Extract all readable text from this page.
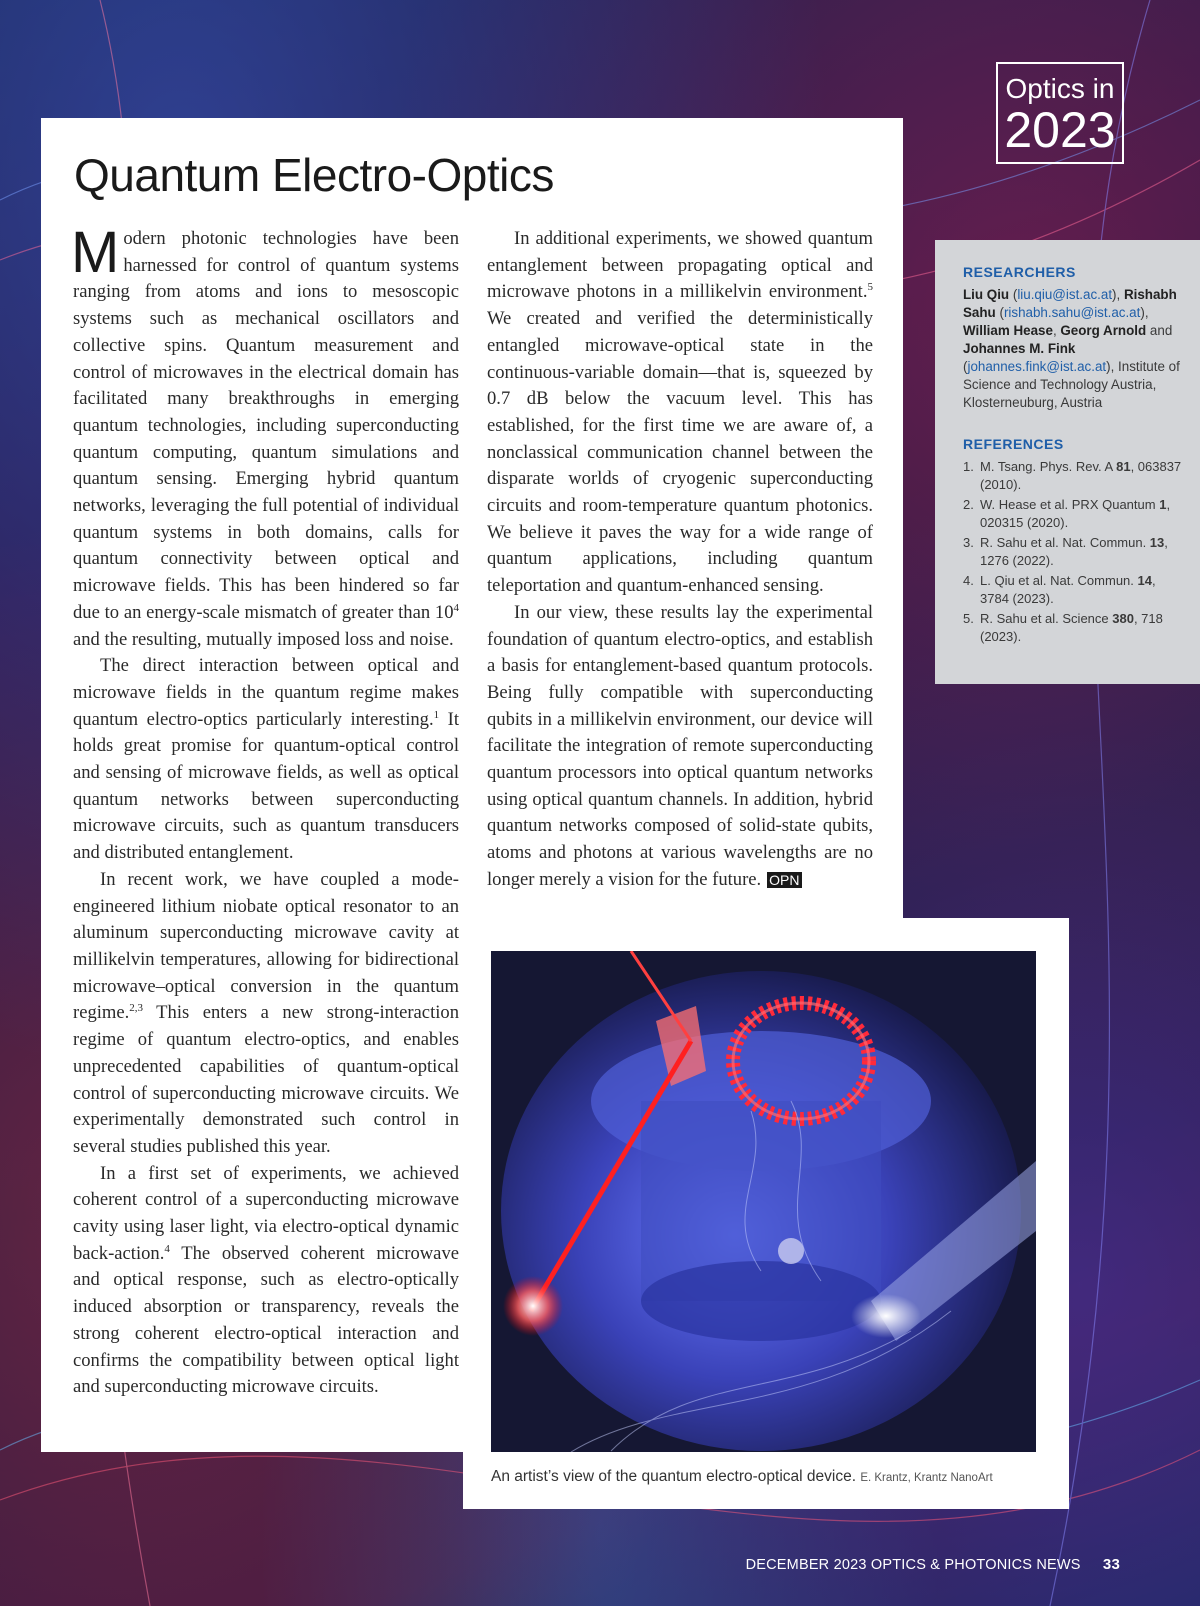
Optics in
2023
Quantum Electro-Optics

Modern photonic technologies have been harnessed for control of quantum systems ranging from atoms and ions to mesoscopic systems such as mechanical oscillators and collective spins. Quantum measurement and control of microwaves in the electrical domain has facilitated many breakthroughs in emerging quantum technologies, including superconducting quantum computing, quantum simulations and quantum sensing. Emerging hybrid quantum networks, leveraging the full potential of individual quantum systems in both domains, calls for quantum connectivity between optical and microwave fields. This has been hindered so far due to an energy-scale mismatch of greater than $10^4$ and the resulting, mutually imposed loss and noise.

The direct interaction between optical and microwave fields in the quantum regime makes quantum electro-optics particularly interesting.$^1$ It holds great promise for quantum-optical control and sensing of microwave fields, as well as optical quantum networks between superconducting microwave circuits, such as quantum transducers and distributed entanglement.

In recent work, we have coupled a mode-engineered lithium niobate optical resonator to an aluminum superconducting microwave cavity at millikelvin temperatures, allowing for bidirectional microwave–optical conversion in the quantum regime.$^{2,3}$ This enters a new strong-interaction regime of quantum electro-optics, and enables unprecedented capabilities of quantum-optical control of superconducting microwave circuits. We experimentally demonstrated such control in several studies published this year.

In a first set of experiments, we achieved coherent control of a superconducting microwave cavity using laser light, via electro-optical dynamic back-action.$^4$ The observed coherent microwave and optical response, such as electro-optically induced absorption or transparency, reveals the strong coherent electro-optical interaction and confirms the compatibility between optical light and superconducting microwave circuits.

In additional experiments, we showed quantum entanglement between propagating optical and microwave photons in a millikelvin environment.$^5$ We created and verified the deterministically entangled microwave-optical state in the continuous-variable domain—that is, squeezed by 0.7 dB below the vacuum level. This has established, for the first time we are aware of, a nonclassical communication channel between the disparate worlds of cryogenic superconducting circuits and room-temperature quantum photonics. We believe it paves the way for a wide range of quantum applications, including quantum teleportation and quantum-enhanced sensing.

In our view, these results lay the experimental foundation of quantum electro-optics, and establish a basis for entanglement-based quantum protocols. Being fully compatible with superconducting qubits in a millikelvin environment, our device will facilitate the integration of remote superconducting quantum processors into optical quantum networks using optical quantum channels. In addition, hybrid quantum networks composed of solid-state qubits, atoms and photons at various wavelengths are no longer merely a vision for the future. OPN

RESEARCHERS
Liu Qiu (liu.qiu@ist.ac.at), Rishabh Sahu (rishabh.sahu@ist.ac.at), William Hease, Georg Arnold and Johannes M. Fink (johannes.fink@ist.ac.at), Institute of Science and Technology Austria, Klosterneuburg, Austria
REFERENCES
1. M. Tsang. Phys. Rev. A 81, 063837 (2010).
2. W. Hease et al. PRX Quantum 1, 020315 (2020).
3. R. Sahu et al. Nat. Commun. 13, 1276 (2022).
4. L. Qiu et al. Nat. Commun. 14, 3784 (2023).
5. R. Sahu et al. Science 380, 718 (2023).
An artist’s view of the quantum electro-optical device. E. Krantz, Krantz NanoArt
DECEMBER 2023 OPTICS & PHOTONICS NEWS 33
